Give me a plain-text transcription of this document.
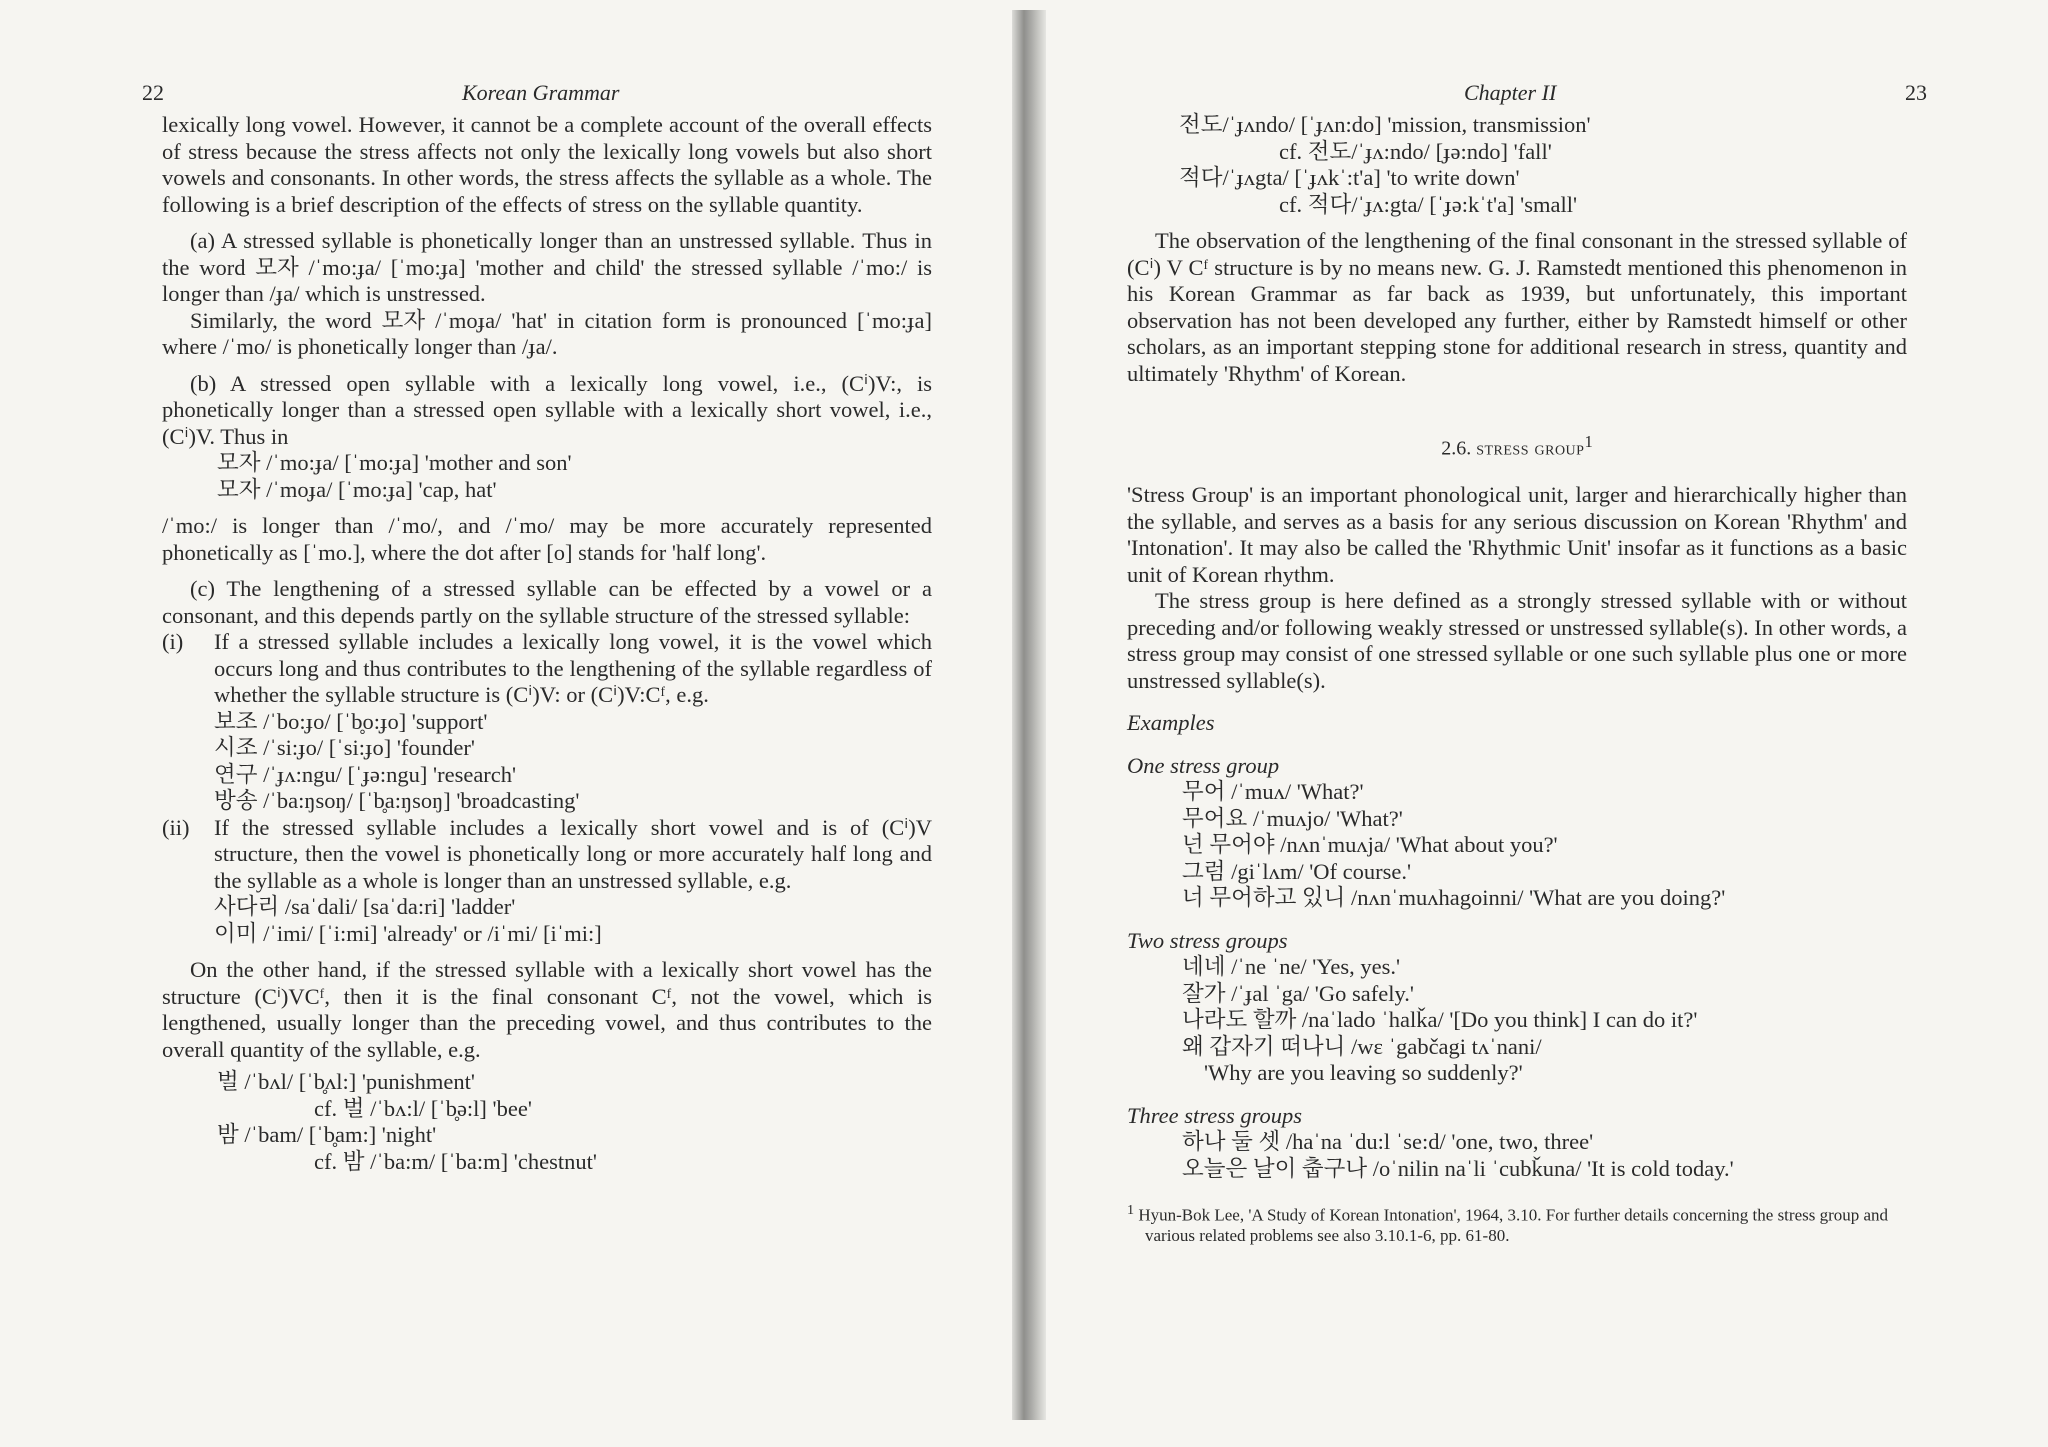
22	Korean Grammar

lexically long vowel. However, it cannot be a complete account of the overall effects of stress because the stress affects not only the lexically long vowels but also short vowels and consonants. In other words, the stress affects the syllable as a whole. The following is a brief description of the effects of stress on the syllable quantity.

(a) A stressed syllable is phonetically longer than an unstressed syllable. Thus in the word 모자 /ˈmo:ɟa/ [ˈmo:ɟa] 'mother and child' the stressed syllable /ˈmo:/ is longer than /ɟa/ which is unstressed.

Similarly, the word 모자 /ˈmoɟa/ 'hat' in citation form is pronounced [ˈmo:ɟa] where /ˈmo/ is phonetically longer than /ɟa/.

(b) A stressed open syllable with a lexically long vowel, i.e., (Cⁱ)V:, is phonetically longer than a stressed open syllable with a lexically short vowel, i.e., (Cⁱ)V. Thus in

모자 /ˈmo:ɟa/ [ˈmo:ɟa] 'mother and son'
모자 /ˈmoɟa/ [ˈmo:ɟa] 'cap, hat'

/ˈmo:/ is longer than /ˈmo/, and /ˈmo/ may be more accurately represented phonetically as [ˈmo.], where the dot after [o] stands for 'half long'.

(c) The lengthening of a stressed syllable can be effected by a vowel or a consonant, and this depends partly on the syllable structure of the stressed syllable:

(i) If a stressed syllable includes a lexically long vowel, it is the vowel which occurs long and thus contributes to the lengthening of the syllable regardless of whether the syllable structure is (Cⁱ)V: or (Cⁱ)V:Cᶠ, e.g.
보조 /ˈbo:ɟo/ [ˈb̥o:ɟo] 'support'
시조 /ˈsi:ɟo/ [ˈsi:ɟo] 'founder'
연구 /ˈɟʌ:ngu/ [ˈɟə:ngu] 'research'
방송 /ˈba:ŋsoŋ/ [ˈb̥a:ŋsoŋ] 'broadcasting'
(ii) If the stressed syllable includes a lexically short vowel and is of (Cⁱ)V structure, then the vowel is phonetically long or more accurately half long and the syllable as a whole is longer than an unstressed syllable, e.g.
사다리 /saˈdali/ [saˈda:ri] 'ladder'
이미 /ˈimi/ [ˈi:mi] 'already' or /iˈmi/ [iˈmi:]

On the other hand, if the stressed syllable with a lexically short vowel has the structure (Cⁱ)VCᶠ, then it is the final consonant Cᶠ, not the vowel, which is lengthened, usually longer than the preceding vowel, and thus contributes to the overall quantity of the syllable, e.g.

벌 /ˈbʌl/ [ˈb̥ʌl:] 'punishment'
cf. 벌 /ˈbʌ:l/ [ˈb̥ə:l] 'bee'
밤 /ˈbam/ [ˈb̥am:] 'night'
cf. 밤 /ˈba:m/ [ˈba:m] 'chestnut'
Chapter II	23
전도/ˈɟʌndo/ [ˈɟʌn:do] 'mission, transmission'
cf. 전도/ˈɟʌ:ndo/ [ɟə:ndo] 'fall'
적다/ˈɟʌgta/ [ˈɟʌkˈ:t'a] 'to write down'
cf. 적다/ˈɟʌ:gta/ [ˈɟə:kˈt'a] 'small'

The observation of the lengthening of the final consonant in the stressed syllable of (Cⁱ) V Cᶠ structure is by no means new. G. J. Ramstedt mentioned this phenomenon in his Korean Grammar as far back as 1939, but unfortunately, this important observation has not been developed any further, either by Ramstedt himself or other scholars, as an important stepping stone for additional research in stress, quantity and ultimately 'Rhythm' of Korean.

2.6. stress group$^1$

'Stress Group' is an important phonological unit, larger and hierarchically higher than the syllable, and serves as a basis for any serious discussion on Korean 'Rhythm' and 'Intonation'. It may also be called the 'Rhythmic Unit' insofar as it functions as a basic unit of Korean rhythm.

The stress group is here defined as a strongly stressed syllable with or without preceding and/or following weakly stressed or unstressed syllable(s). In other words, a stress group may consist of one stressed syllable or one such syllable plus one or more unstressed syllable(s).

Examples

One stress group

무어 /ˈmuʌ/ 'What?'
무어요 /ˈmuʌjo/ 'What?'
넌 무어야 /nʌnˈmuʌja/ 'What about you?'
그럼 /giˈlʌm/ 'Of course.'
너 무어하고 있니 /nʌnˈmuʌhagoinni/ 'What are you doing?'

Two stress groups

네네 /ˈne ˈne/ 'Yes, yes.'
잘가 /ˈɟal ˈga/ 'Go safely.'
나라도 할까 /naˈlado ˈhalǩa/ '[Do you think] I can do it?'
왜 갑자기 떠나니 /wɛ ˈgabčagi tʌˈnani/
'Why are you leaving so suddenly?'

Three stress groups

하나 둘 셋 /haˈna ˈdu:l ˈse:d/ 'one, two, three'
오늘은 날이 춥구나 /oˈnilin naˈli ˈcubǩuna/ 'It is cold today.'
$^1$ Hyun-Bok Lee, 'A Study of Korean Intonation', 1964, 3.10. For further details concerning the stress group and various related problems see also 3.10.1-6, pp. 61-80.
